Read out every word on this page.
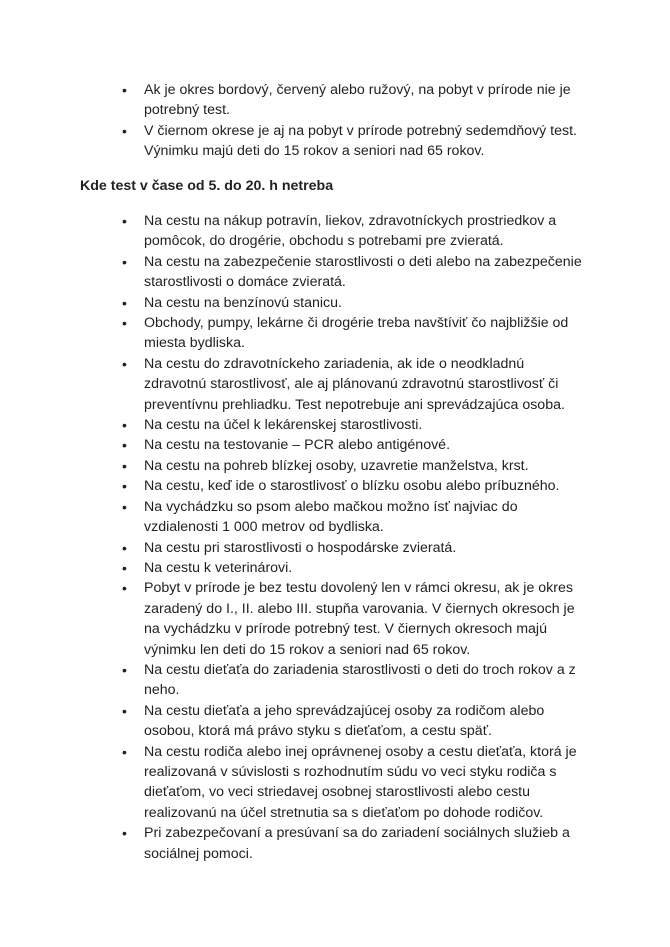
• Ak je okres bordový, červený alebo ružový, na pobyt v prírode nie je potrebný test.
• V čiernom okrese je aj na pobyt v prírode potrebný sedemdňový test. Výnimku majú deti do 15 rokov a seniori nad 65 rokov.
Kde test v čase od 5. do 20. h netreba
• Na cestu na nákup potravín, liekov, zdravotníckych prostriedkov a pomôcok, do drogérie, obchodu s potrebami pre zvieratá.
• Na cestu na zabezpečenie starostlivosti o deti alebo na zabezpečenie starostlivosti o domáce zvieratá.
• Na cestu na benzínovú stanicu.
• Obchody, pumpy, lekárne či drogérie treba navštíviť čo najbližšie od miesta bydliska.
• Na cestu do zdravotníckeho zariadenia, ak ide o neodkladnú zdravotnú starostlivosť, ale aj plánovanú zdravotnú starostlivosť či preventívnu prehliadku. Test nepotrebuje ani sprevádzajúca osoba.
• Na cestu na účel k lekárenskej starostlivosti.
• Na cestu na testovanie – PCR alebo antigénové.
• Na cestu na pohreb blízkej osoby, uzavretie manželstva, krst.
• Na cestu, keď ide o starostlivosť o blízku osobu alebo príbuzného.
• Na vychádzku so psom alebo mačkou možno ísť najviac do vzdialenosti 1 000 metrov od bydliska.
• Na cestu pri starostlivosti o hospodárske zvieratá.
• Na cestu k veterinárovi.
• Pobyt v prírode je bez testu dovolený len v rámci okresu, ak je okres zaradený do I., II. alebo III. stupňa varovania. V čiernych okresoch je na vychádzku v prírode potrebný test. V čiernych okresoch majú výnimku len deti do 15 rokov a seniori nad 65 rokov.
• Na cestu dieťaťa do zariadenia starostlivosti o deti do troch rokov a z neho.
• Na cestu dieťaťa a jeho sprevádzajúcej osoby za rodičom alebo osobou, ktorá má právo styku s dieťaťom, a cestu späť.
• Na cestu rodiča alebo inej oprávnenej osoby a cestu dieťaťa, ktorá je realizovaná v súvislosti s rozhodnutím súdu vo veci styku rodiča s dieťaťom, vo veci striedavej osobnej starostlivosti alebo cestu realizovanú na účel stretnutia sa s dieťaťom po dohode rodičov.
• Pri zabezpečovaní a presúvaní sa do zariadení sociálnych služieb a sociálnej pomoci.
